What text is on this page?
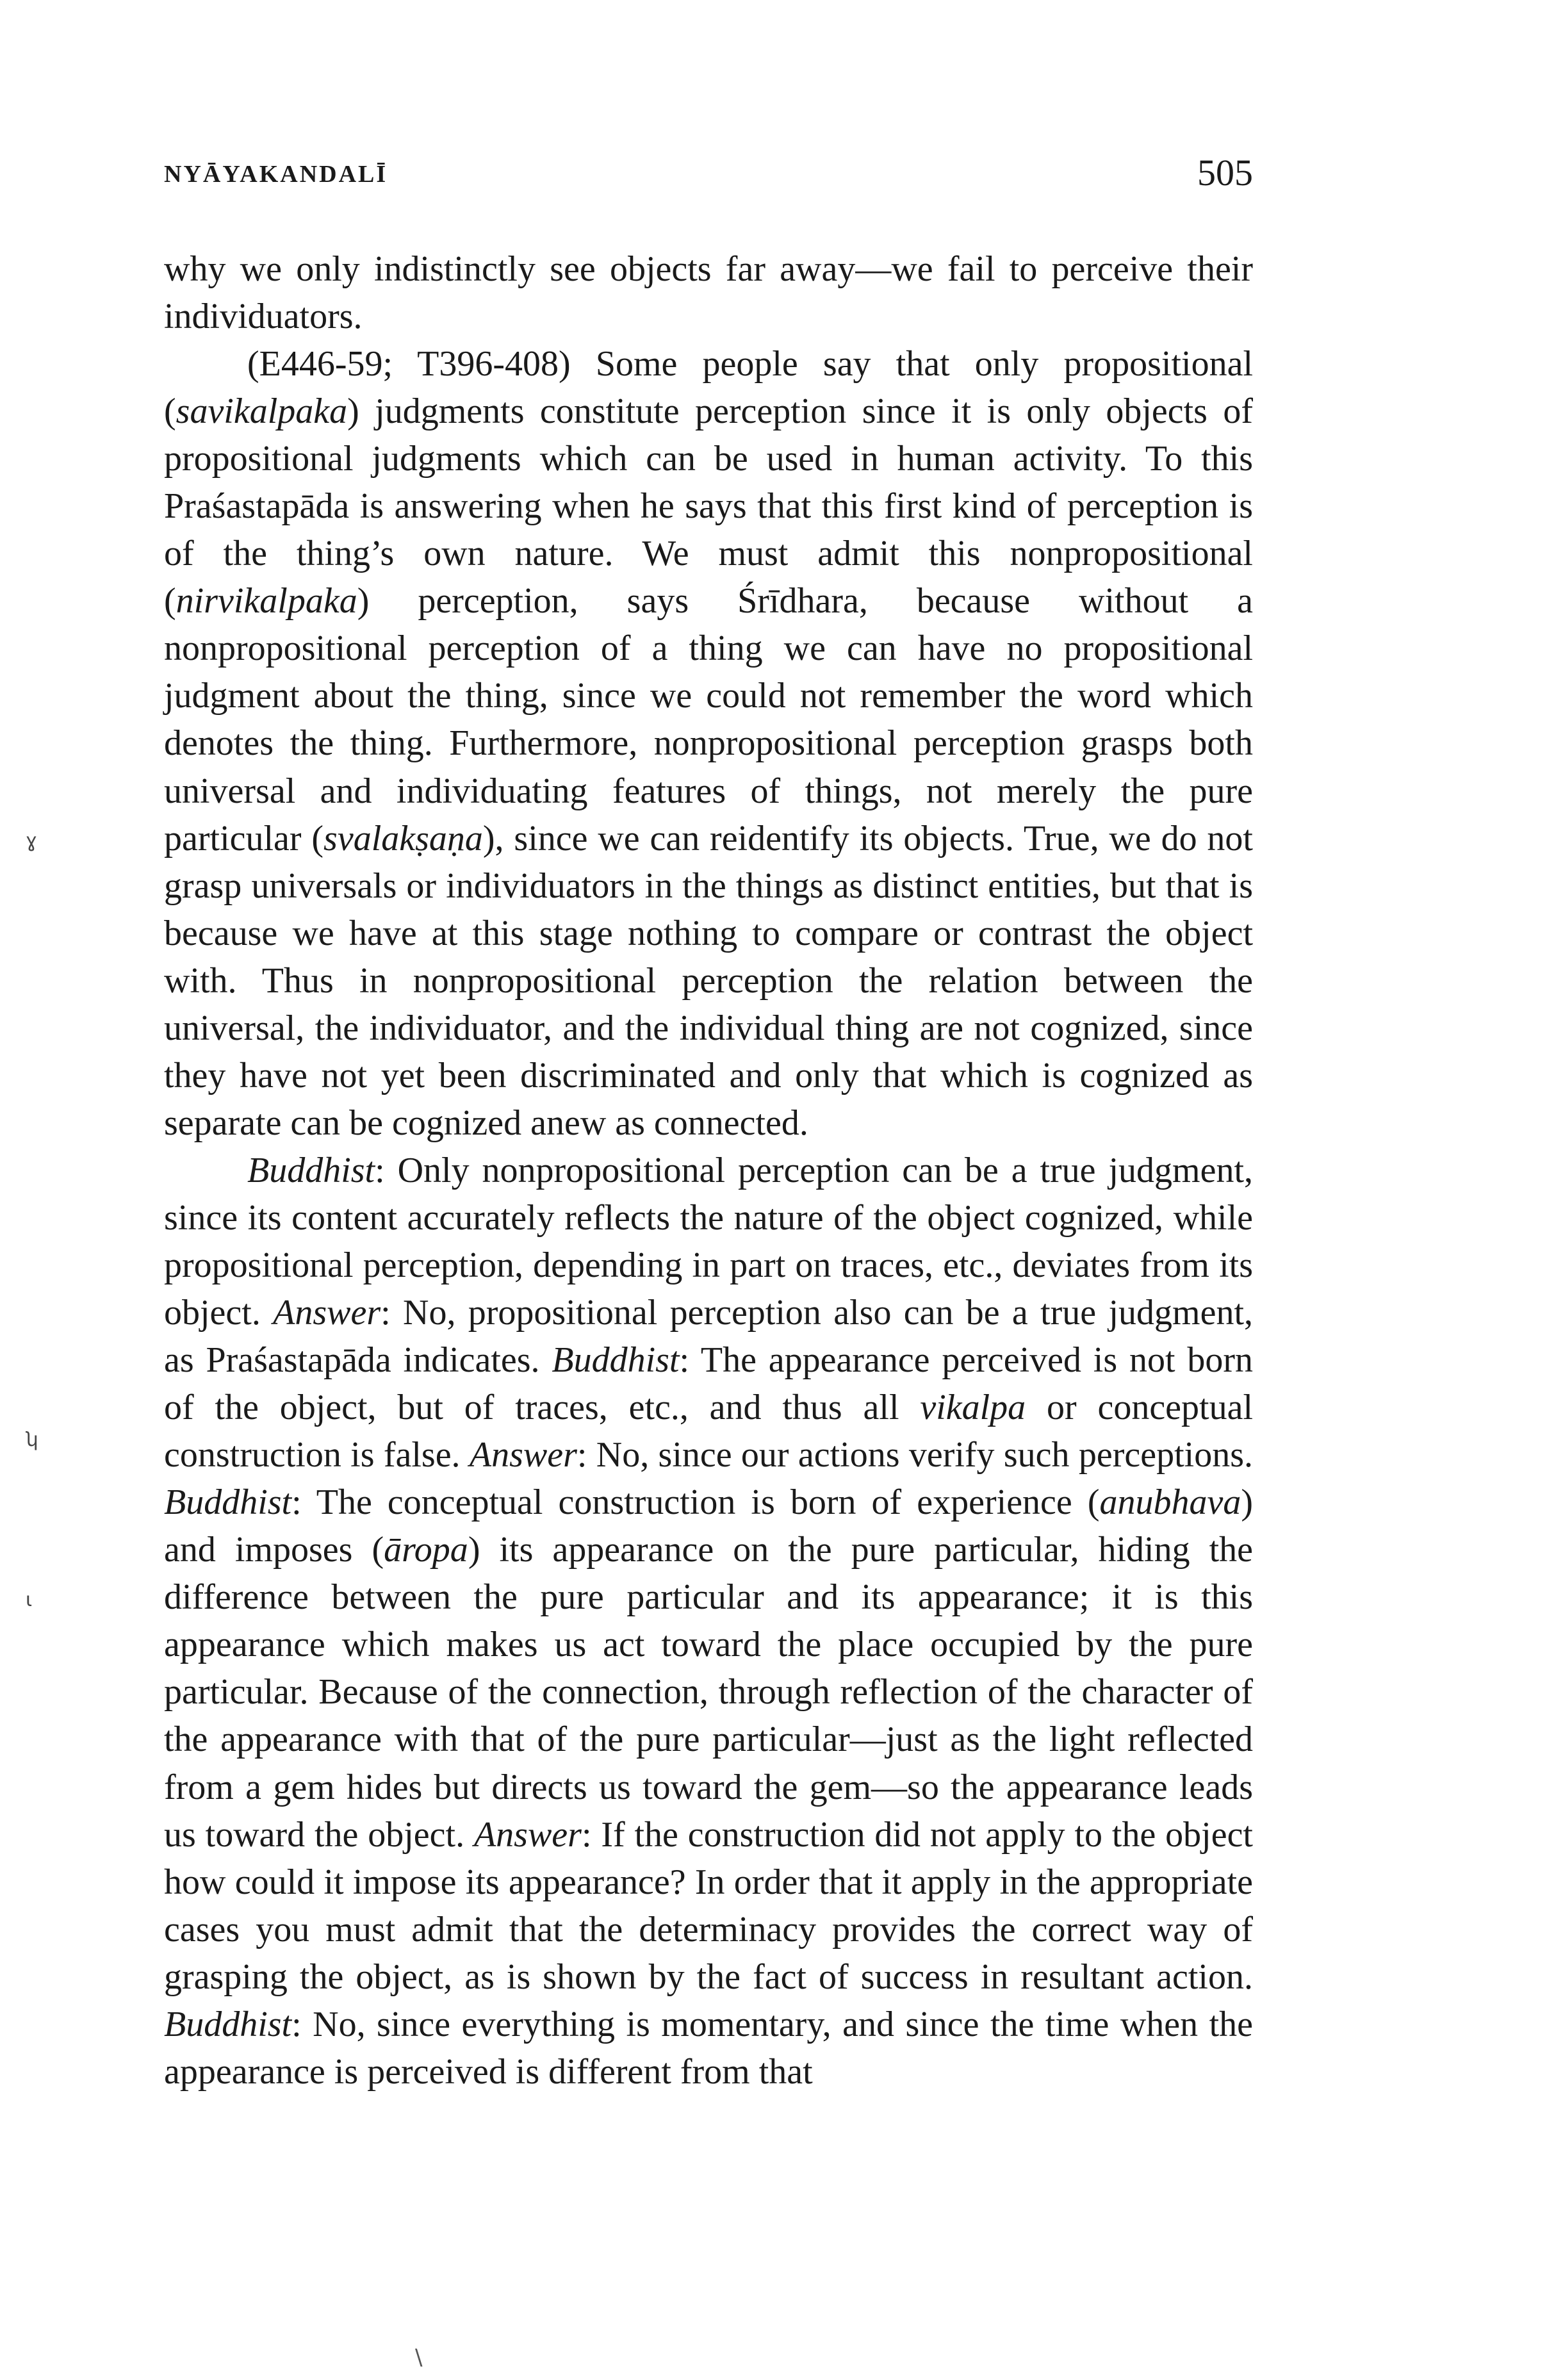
NYĀYAKANDALĪ	505
ɣ
ʮ
ɩ

why we only indistinctly see objects far away—we fail to perceive their individuators.

(E446-59; T396-408) Some people say that only propositional (savikalpaka) judgments constitute perception since it is only objects of propositional judgments which can be used in human activity. To this Praśastapāda is answering when he says that this first kind of perception is of the thing’s own nature. We must admit this nonpropositional (nirvikalpaka) perception, says Śrīdhara, because without a nonpropositional perception of a thing we can have no propositional judgment about the thing, since we could not remember the word which denotes the thing. Furthermore, nonpropositional perception grasps both universal and individuating features of things, not merely the pure particular (svalakṣaṇa), since we can reidentify its objects. True, we do not grasp universals or individuators in the things as distinct entities, but that is because we have at this stage nothing to compare or contrast the object with. Thus in nonpropositional perception the relation between the universal, the individuator, and the individual thing are not cognized, since they have not yet been discriminated and only that which is cognized as separate can be cognized anew as connected.

Buddhist: Only nonpropositional perception can be a true judgment, since its content accurately reflects the nature of the object cognized, while propositional perception, depending in part on traces, etc., deviates from its object. Answer: No, propositional perception also can be a true judgment, as Praśastapāda indicates. Buddhist: The appearance perceived is not born of the object, but of traces, etc., and thus all vikalpa or conceptual construction is false. Answer: No, since our actions verify such perceptions. Buddhist: The conceptual construction is born of experience (anubhava) and imposes (āropa) its appearance on the pure particular, hiding the difference between the pure particular and its appearance; it is this appearance which makes us act toward the place occupied by the pure particular. Because of the connection, through reflection of the character of the appearance with that of the pure particular—just as the light reflected from a gem hides but directs us toward the gem—so the appearance leads us toward the object. Answer: If the construction did not apply to the object how could it impose its appearance? In order that it apply in the appropriate cases you must admit that the determinacy provides the correct way of grasping the object, as is shown by the fact of success in resultant action. Buddhist: No, since everything is momentary, and since the time when the appearance is perceived is different from that

\
